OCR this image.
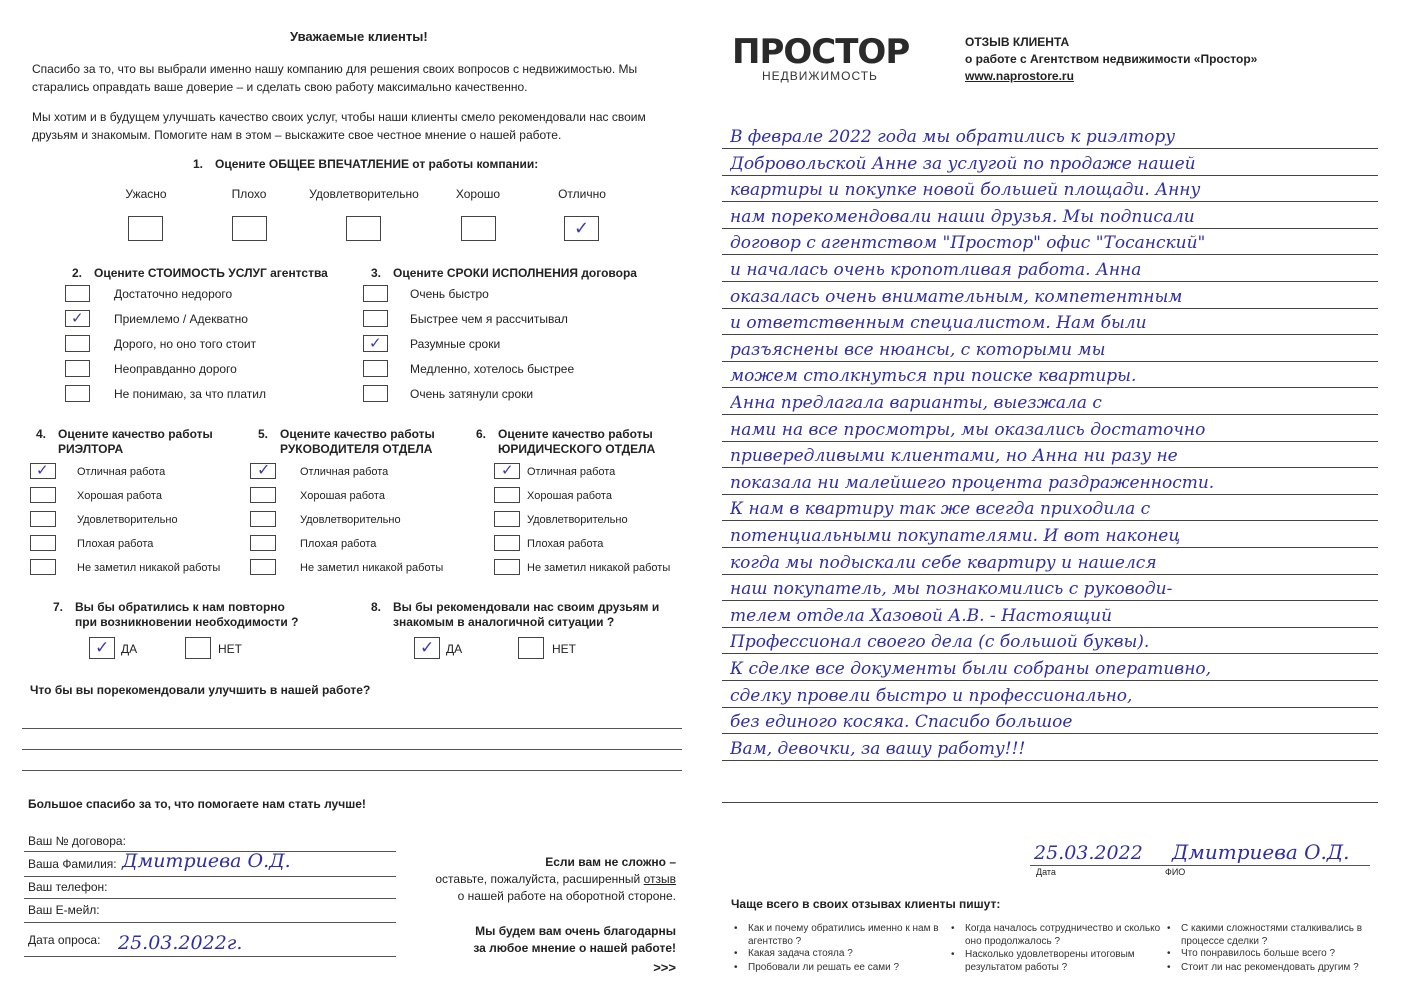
Уважаемые клиенты!
Спасибо за то, что вы выбрали именно нашу компанию для решения своих вопросов с недвижимостью. Мы старались оправдать ваше доверие – и сделать свою работу максимально качественно.
Мы хотим и в будущем улучшать качество своих услуг, чтобы наши клиенты смело рекомендовали нас своим друзьям и знакомым. Помогите нам в этом – выскажите свое честное мнение о нашей работе.
1. Оцените ОБЩЕЕ ВПЕЧАТЛЕНИЕ от работы компании:
Ужасно	Плохо	Удовлетворительно	Хорошо	Отлично
✓
2. Оцените СТОИМОСТЬ УСЛУГ агентства
Достаточно недорого
✓	Приемлемо / Адекватно
Дорого, но оно того стоит
Неоправданно дорого
Не понимаю, за что платил
3. Оцените СРОКИ ИСПОЛНЕНИЯ договора
Очень быстро
Быстрее чем я рассчитывал
✓ Разумные сроки
Медленно, хотелось быстрее
Очень затянули сроки
4. Оцените качество работы
РИЭЛТОРА
✓	Отличная работа
Хорошая работа
Удовлетворительно
Плохая работа
Не заметил никакой работы
5. Оцените качество работы
РУКОВОДИТЕЛЯ ОТДЕЛА
✓	Отличная работа
Хорошая работа
Удовлетворительно
Плохая работа
Не заметил никакой работы
6. Оцените качество работы
ЮРИДИЧЕСКОГО ОТДЕЛА
✓ Отличная работа
Хорошая работа
Удовлетворительно
Плохая работа
Не заметил никакой работы
7. Вы бы обратились к нам повторно
при возникновении необходимости ?
✓ ДА	НЕТ
8. Вы бы рекомендовали нас своим друзьям и
знакомым в аналогичной ситуации ?
✓ ДА	НЕТ
Что бы вы порекомендовали улучшить в нашей работе?
Большое спасибо за то, что помогаете нам стать лучше!
Ваш № договора:
Ваша Фамилия: Дмитриева О.Д.
Ваш телефон:
Ваш Е-мейл:
Дата опроса: 25.03.2022г.
Если вам не сложно –
оставьте, пожалуйста, расширенный отзыв
о нашей работе на оборотной стороне.
Мы будем вам очень благодарны
за любое мнение о нашей работе!
>>>
ПРОСТОР
НЕДВИЖИМОСТЬ
ОТЗЫВ КЛИЕНТА
о работе с Агентством недвижимости «Простор»
www.naprostore.ru
В феврале 2022 года мы обратились к риэлтору
Добровольской Анне за услугой по продаже нашей
квартиры и покупке новой большей площади. Анну
нам порекомендовали наши друзья. Мы подписали
договор с агентством "Простор" офис "Тосанский"
и началась очень кропотливая работа. Анна
оказалась очень внимательным, компетентным
и ответственным специалистом. Нам были
разъяснены все нюансы, с которыми мы
можем столкнуться при поиске квартиры.
Анна предлагала варианты, выезжала с
нами на все просмотры, мы оказались достаточно
привередливыми клиентами, но Анна ни разу не
показала ни малейшего процента раздраженности.
К нам в квартиру так же всегда приходила с
потенциальными покупателями. И вот наконец
когда мы подыскали себе квартиру и нашелся
наш покупатель, мы познакомились с руководи-
телем отдела Хазовой А.В. - Настоящий
Профессионал своего дела (с большой буквы).
К сделке все документы были собраны оперативно,
сделку провели быстро и профессионально,
без единого косяка. Спасибо большое
Вам, девочки, за вашу работу!!!
25.03.2022 Дмитриева О.Д.
Дата	ФИО
Чаще всего в своих отзывах клиенты пишут:
• Как и почему обратились именно к нам в
агентство ?
• Какая задача стояла ?
• Пробовали ли решать ее сами ?
• Когда началось сотрудничество и сколько
оно продолжалось ?
• Насколько удовлетворены итоговым
результатом работы ?
• С какими сложностями сталкивались в
процессе сделки ?
• Что понравилось больше всего ?
• Стоит ли нас рекомендовать другим ?
